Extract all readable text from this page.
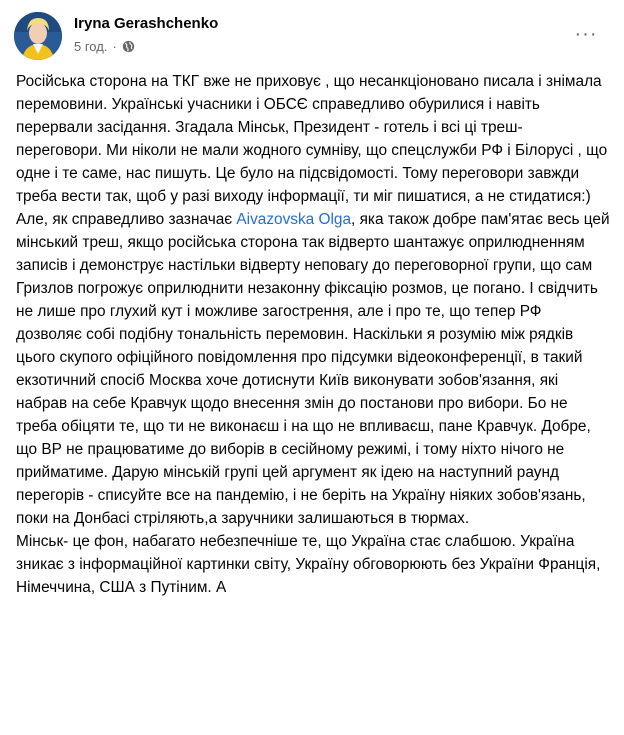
Iryna Gerashchenko
5 год. ·
···

Російська сторона на ТКГ вже не приховує , що несанкціоновано писала і знімала перемовини. Українські учасники і ОБСЄ справедливо обурилися і навіть перервали засідання. Згадала Мінськ, Президент - готель і всі ці треш- переговори. Ми ніколи не мали жодного сумніву, що спецслужби РФ і Білорусі , що одне і те саме, нас пишуть. Це було на підсвідомості. Тому переговори завжди треба вести так, щоб у разі виходу інформації, ти міг пишатися, а не стидатися:) Але, як справедливо зазначає Aivazovska Olga, яка також добре пам'ятає весь цей мінський треш, якщо російська сторона так відверто шантажує оприлюдненням записів і демонструє настільки відверту неповагу до переговорної групи, що сам Гризлов погрожує оприлюднити незаконну фіксацію розмов, це погано. І свідчить не лише про глухий кут і можливе загострення, але і про те, що тепер РФ дозволяє собі подібну тональність перемовин. Наскільки я розумію між рядків цього скупого офіційного повідомлення про підсумки відеоконференції, в такий екзотичний спосіб Москва хоче дотиснути Київ виконувати зобов'язання, які набрав на себе Кравчук щодо внесення змін до постанови про вибори. Бо не треба обіцяти те, що ти не виконаєш і на що не впливаєш, пане Кравчук. Добре, що ВР не працюватиме до виборів в сесійному режимі, і тому ніхто нічого не прийматиме. Дарую мінській групі цей аргумент як ідею на наступний раунд перегорів - списуйте все на пандемію, і не беріть на Україну ніяких зобов'язань, поки на Донбасі стріляють,а заручники залишаються в тюрмах.

Мінськ- це фон, набагато небезпечніше те, що Україна стає слабшою. Україна зникає з інформаційної картинки світу, Україну обговорюють без України Франція, Німеччина, США з Путіним. А
